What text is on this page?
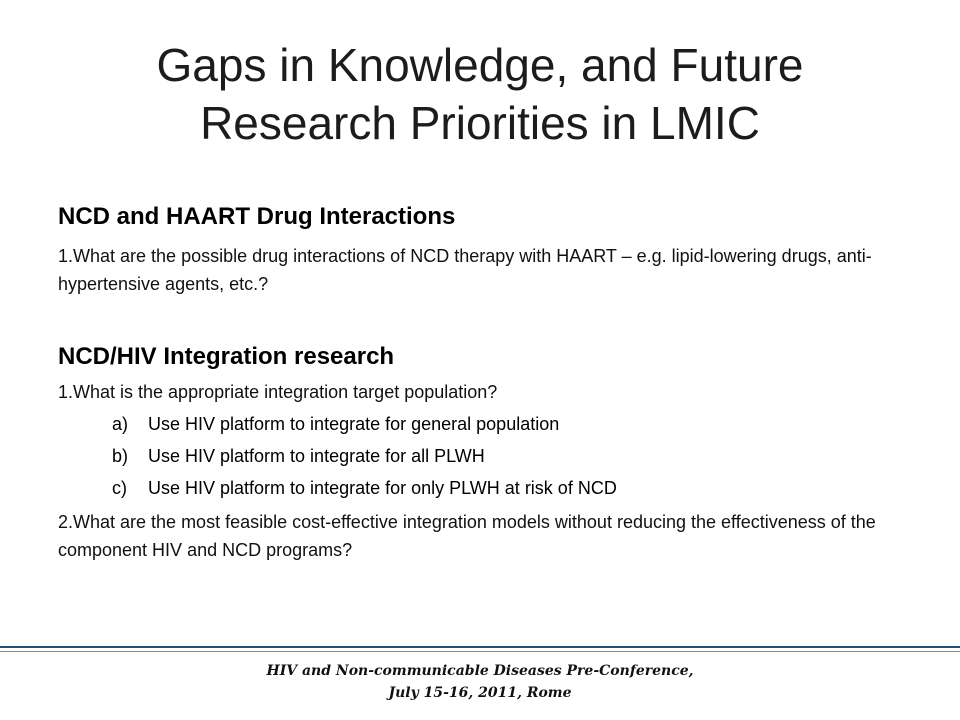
Gaps in Knowledge, and Future
Research Priorities in LMIC

NCD and HAART Drug Interactions

1.What are the possible drug interactions of NCD therapy with HAART – e.g. lipid-lowering drugs, anti-hypertensive agents, etc.?

NCD/HIV Integration research

1.What is the appropriate integration target population?

a)	Use HIV platform to integrate for general population
b)	Use HIV platform to integrate for all PLWH
c)	Use HIV platform to integrate for only PLWH at risk of NCD

2.What are the most feasible cost-effective integration models without reducing the effectiveness of the component HIV and NCD programs?

HIV and Non-communicable Diseases Pre-Conference,
July 15-16, 2011, Rome
